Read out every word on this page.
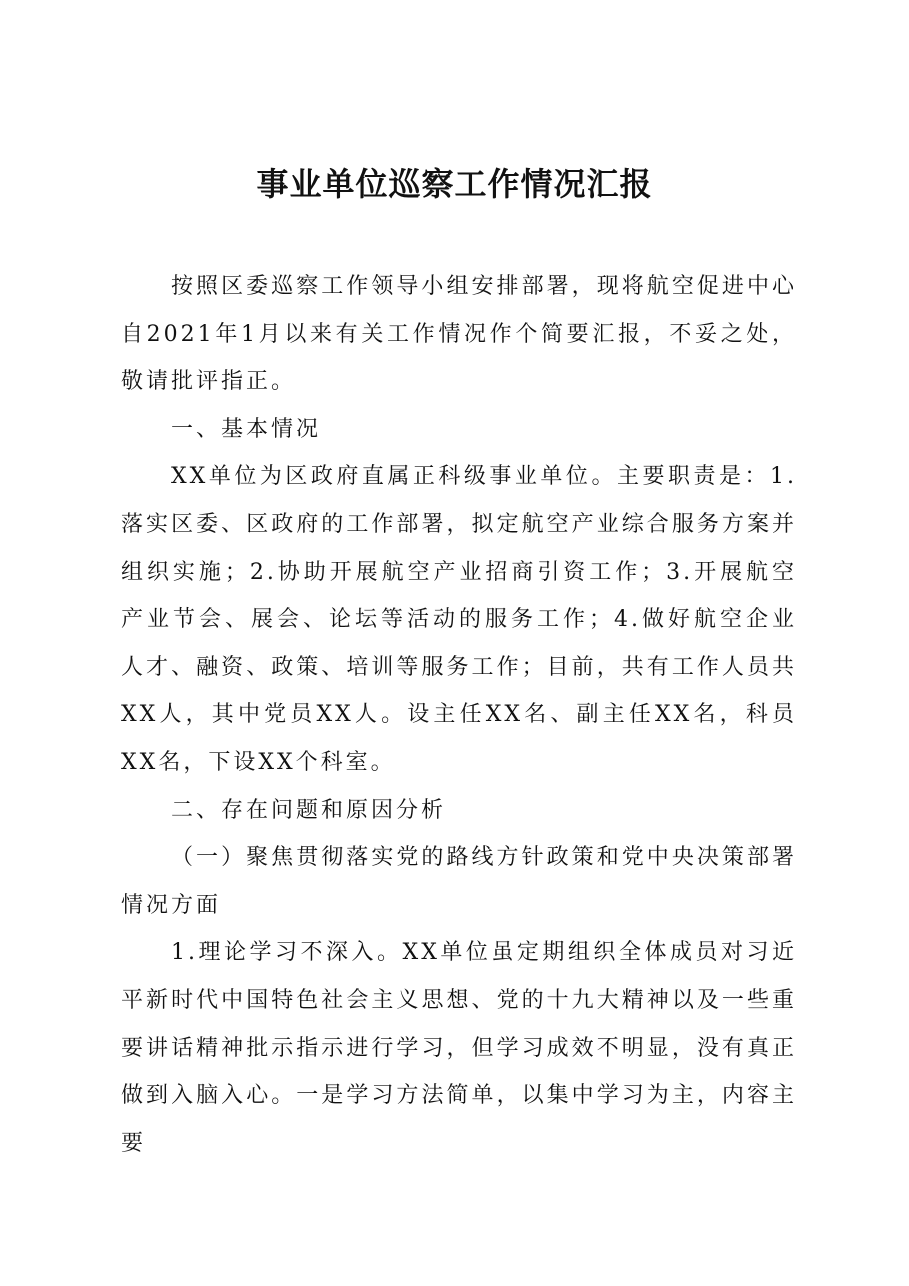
事业单位巡察工作情况汇报

按照区委巡察工作领导小组安排部署，现将航空促进中心自2021年1月以来有关工作情况作个简要汇报，不妥之处，敬请批评指正。

一、基本情况

XX单位为区政府直属正科级事业单位。主要职责是：1.落实区委、区政府的工作部署，拟定航空产业综合服务方案并组织实施；2.协助开展航空产业招商引资工作；3.开展航空产业节会、展会、论坛等活动的服务工作；4.做好航空企业人才、融资、政策、培训等服务工作；目前，共有工作人员共XX人，其中党员XX人。设主任XX名、副主任XX名，科员XX名，下设XX个科室。

二、存在问题和原因分析

（一）聚焦贯彻落实党的路线方针政策和党中央决策部署情况方面

1.理论学习不深入。XX单位虽定期组织全体成员对习近平新时代中国特色社会主义思想、党的十九大精神以及一些重要讲话精神批示指示进行学习，但学习成效不明显，没有真正做到入脑入心。一是学习方法简单，以集中学习为主，内容主要
